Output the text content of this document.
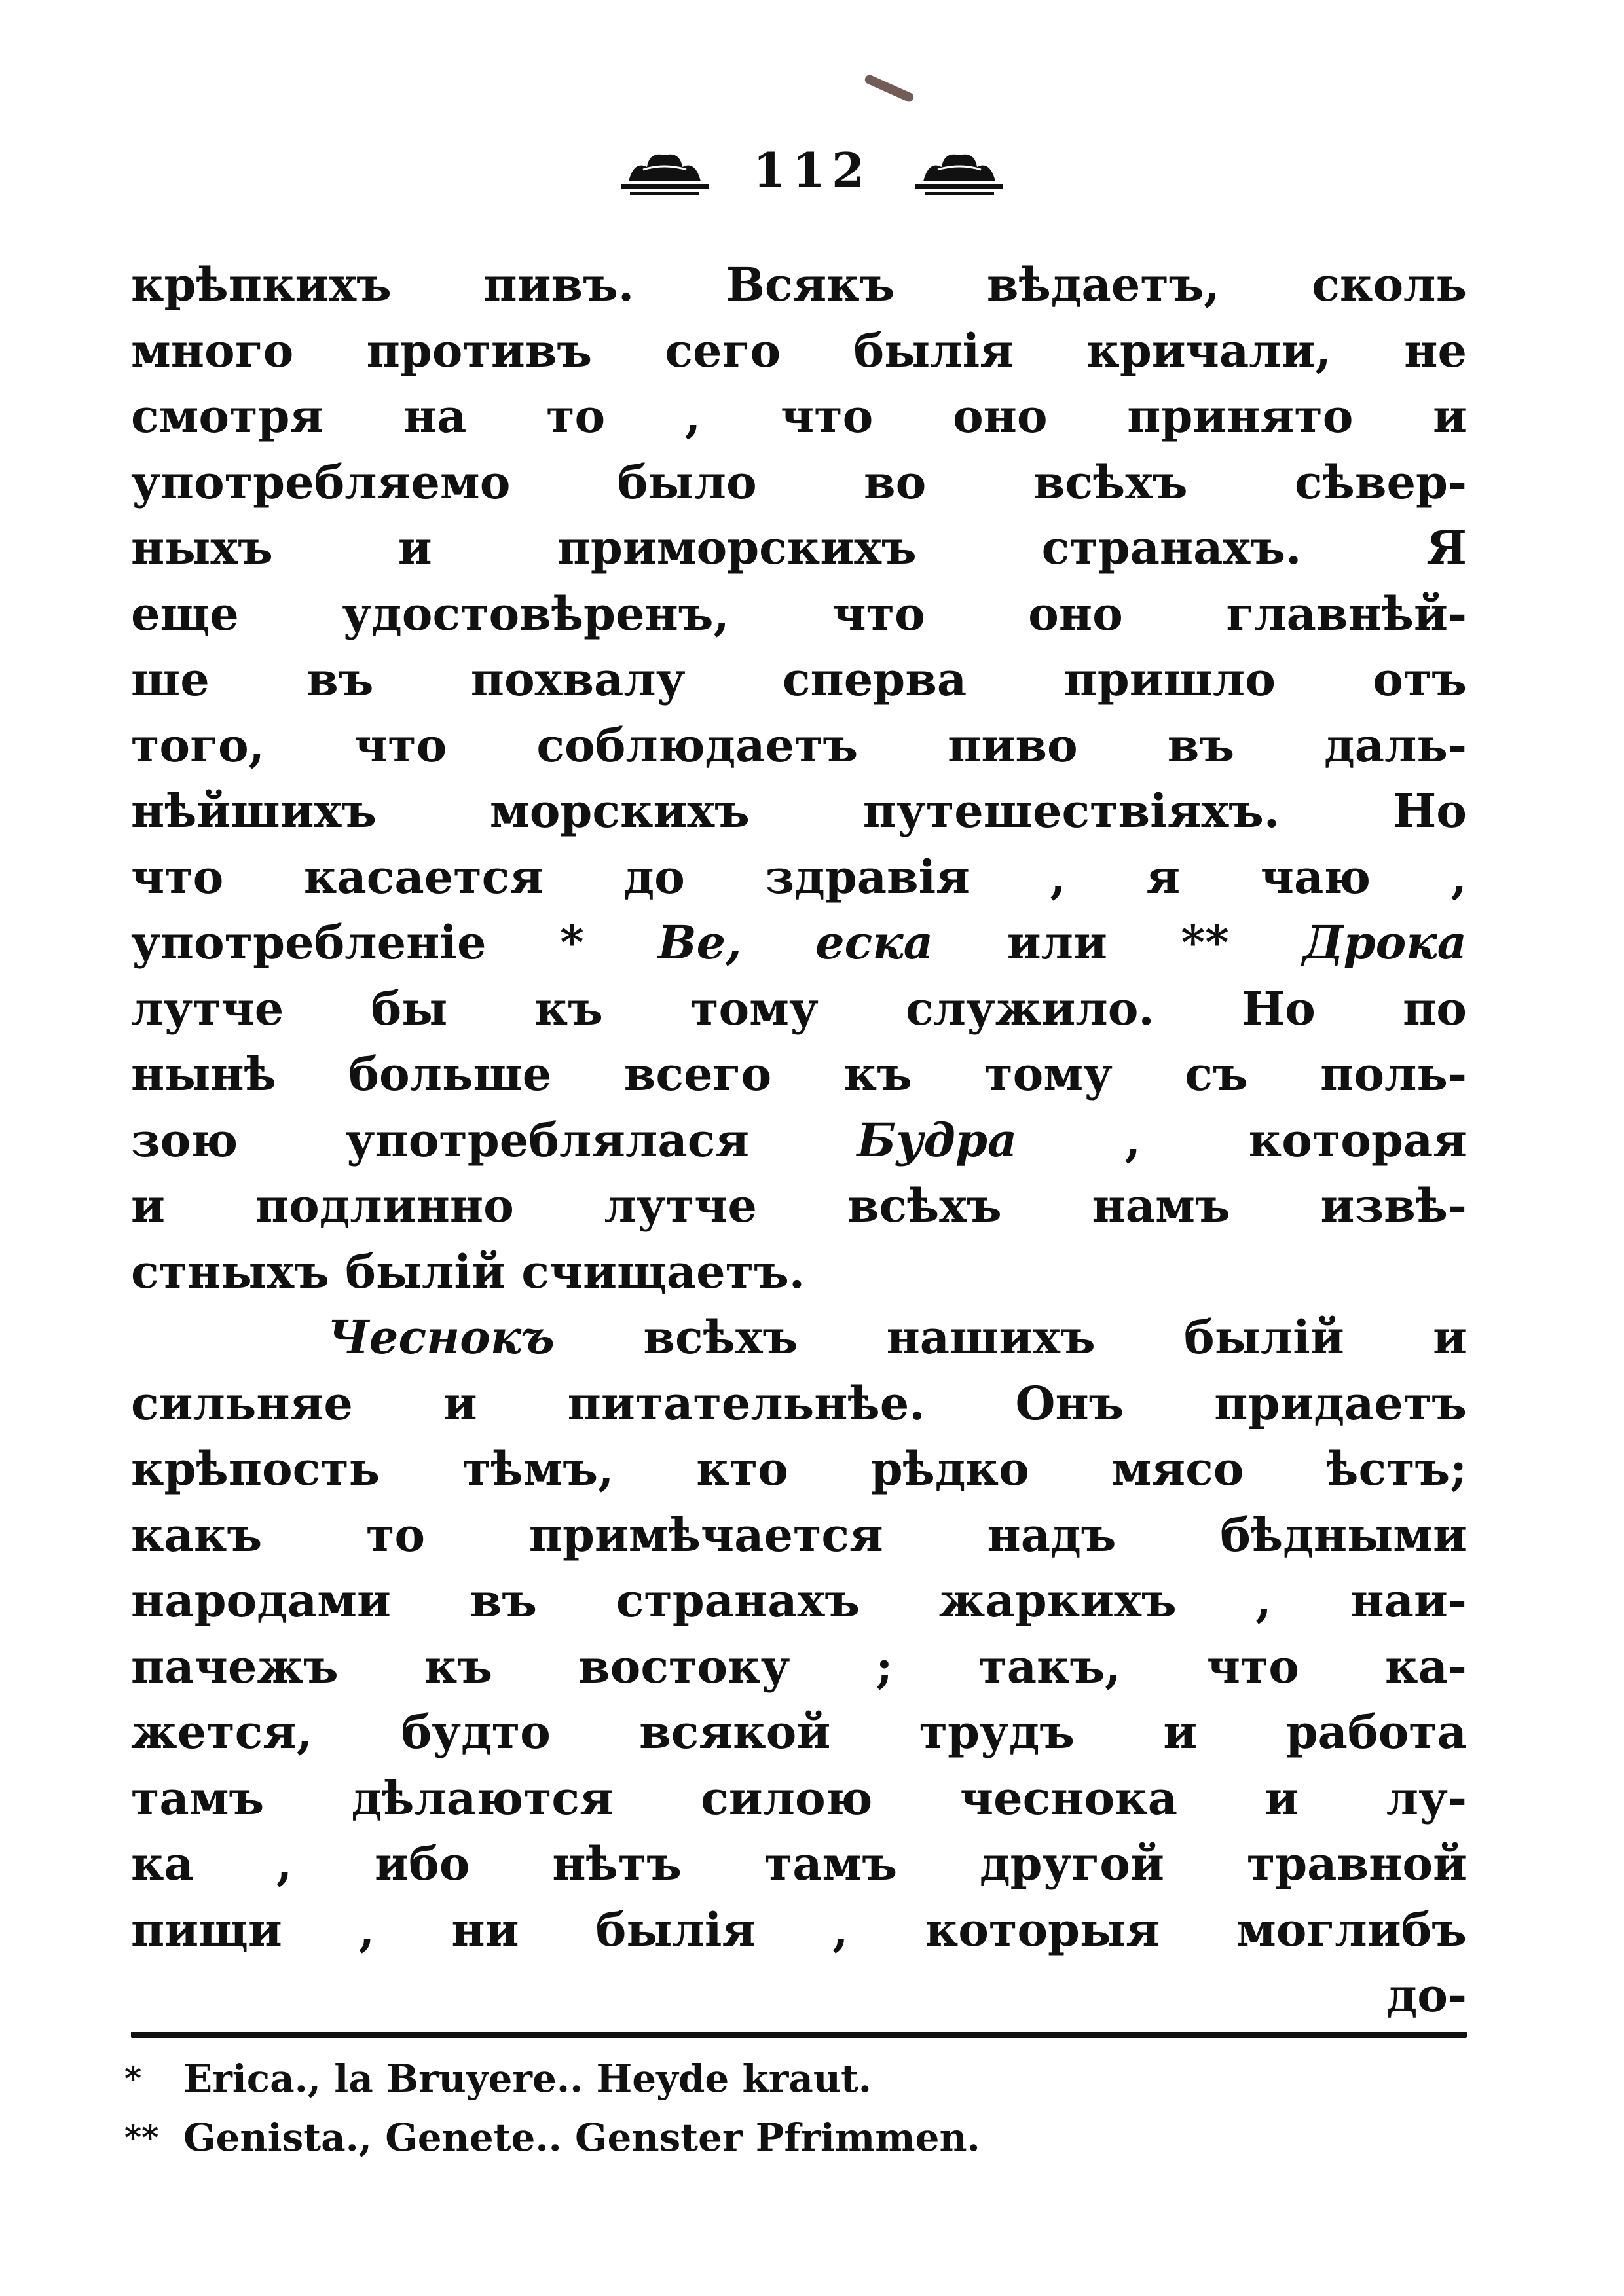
112
крѣпкихъ пивъ. Всякъ вѣдаетъ, сколь
много противъ сего былія кричали, не
смотря на то , что оно принято и
употребляемо было во всѣхъ сѣвер-
ныхъ и приморскихъ странахъ. Я
еще удостовѣренъ, что оно главнѣй-
ше въ похвалу сперва пришло отъ
того, что соблюдаетъ пиво въ даль-
нѣйшихъ морскихъ путешествіяхъ. Но
что касается до здравія , я чаю ,
употребленіе * Ве, еска или ** Дрока
лутче бы къ тому служило. Но по
нынѣ больше всего къ тому съ поль-
зою употреблялася Будра , которая
и подлинно лутче всѣхъ намъ извѣ-
стныхъ былій счищаетъ.
Чеснокъ всѣхъ нашихъ былій и
сильняе и питательнѣе. Онъ придаетъ
крѣпость тѣмъ, кто рѣдко мясо ѣстъ;
какъ то примѣчается надъ бѣдными
народами въ странахъ жаркихъ , наи-
пачежъ къ востоку ; такъ, что ка-
жется, будто всякой трудъ и работа
тамъ дѣлаются силою чеснока и лу-
ка , ибо нѣтъ тамъ другой травной
пищи , ни былія , которыя моглибъ
до-
* Erica., la Bruyere.. Heyde kraut.
** Genista., Genete.. Genster Pfrimmen.
